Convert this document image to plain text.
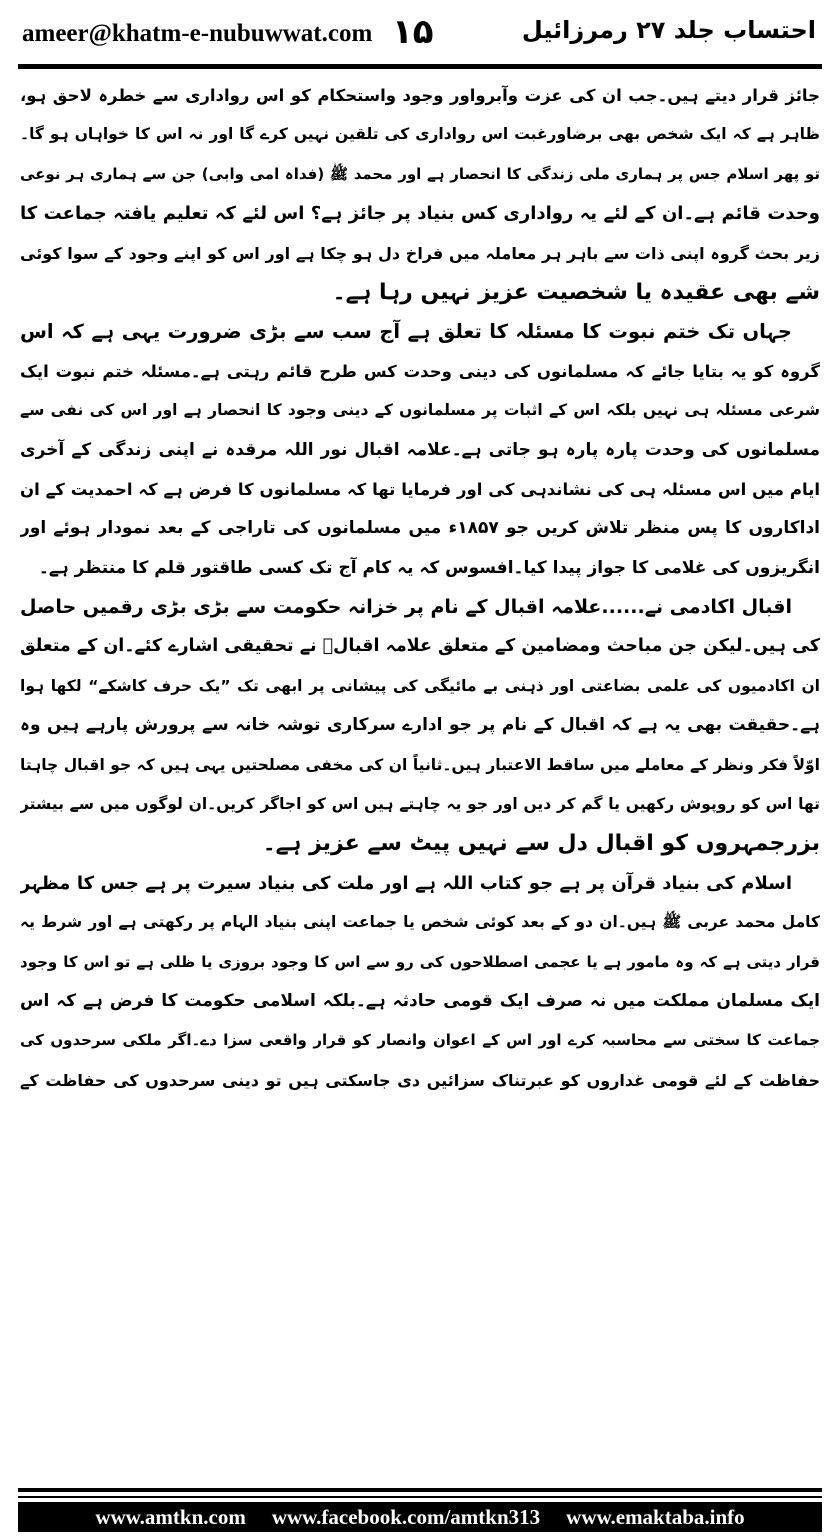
ameer@khatm-e-nubuwwat.com ۱۵	احتساب جلد ۲۷ رمرزائیل
جائز قرار دیتے ہیں۔جب ان کی عزت وآبرواور وجود واستحکام کو اس رواداری سے خطرہ لاحق ہو،
ظاہر ہے کہ ایک شخص بھی برضاورغبت اس رواداری کی تلقین نہیں کرے گا اور نہ اس کا خواہاں ہو گا۔
تو پھر اسلام جس پر ہماری ملی زندگی کا انحصار ہے اور محمد ﷺ (فداہ امی وابی) جن سے ہماری ہر نوعی
وحدت قائم ہے۔ان کے لئے یہ رواداری کس بنیاد پر جائز ہے؟ اس لئے کہ تعلیم یافتہ جماعت کا
زیر بحث گروہ اپنی ذات سے باہر ہر معاملہ میں فراخ دل ہو چکا ہے اور اس کو اپنے وجود کے سوا کوئی
شے بھی عقیدہ یا شخصیت عزیز نہیں رہا ہے۔
جہاں تک ختم نبوت کا مسئلہ کا تعلق ہے آج سب سے بڑی ضرورت یہی ہے کہ اس
گروہ کو یہ بتایا جائے کہ مسلمانوں کی دینی وحدت کس طرح قائم رہتی ہے۔مسئلہ ختم نبوت ایک
شرعی مسئلہ ہی نہیں بلکہ اس کے اثبات پر مسلمانوں کے دینی وجود کا انحصار ہے اور اس کی نفی سے
مسلمانوں کی وحدت پارہ پارہ ہو جاتی ہے۔علامہ اقبال نور اللہ مرقدہ نے اپنی زندگی کے آخری
ایام میں اس مسئلہ ہی کی نشاندہی کی اور فرمایا تھا کہ مسلمانوں کا فرض ہے کہ احمدیت کے ان
اداکاروں کا پس منظر تلاش کریں جو ۱۸۵۷ء میں مسلمانوں کی تاراجی کے بعد نمودار ہوئے اور
انگریزوں کی غلامی کا جواز پیدا کیا۔افسوس کہ یہ کام آج تک کسی طاقتور قلم کا منتظر ہے۔
اقبال اکادمی نے......علامہ اقبال کے نام پر خزانہ حکومت سے بڑی بڑی رقمیں حاصل
کی ہیں۔لیکن جن مباحث ومضامین کے متعلق علامہ اقبالؒ نے تحقیقی اشارے کئے۔ان کے متعلق
ان اکادمیوں کی علمی بضاعتی اور ذہنی بے مائیگی کی پیشانی پر ابھی تک ”یک حرف کاشکے“ لکھا ہوا
ہے۔حقیقت بھی یہ ہے کہ اقبال کے نام پر جو ادارے سرکاری توشہ خانہ سے پرورش پارہے ہیں وہ
اوّلاً فکر ونظر کے معاملے میں ساقط الاعتبار ہیں۔ثانیاً ان کی مخفی مصلحتیں یہی ہیں کہ جو اقبال چاہتا
تھا اس کو روپوش رکھیں یا گم کر دیں اور جو یہ چاہتے ہیں اس کو اجاگر کریں۔ان لوگوں میں سے بیشتر
بزرجمہروں کو اقبال دل سے نہیں پیٹ سے عزیز ہے۔
اسلام کی بنیاد قرآن پر ہے جو کتاب اللہ ہے اور ملت کی بنیاد سیرت پر ہے جس کا مظہر
کامل محمد عربی ﷺ ہیں۔ان دو کے بعد کوئی شخص یا جماعت اپنی بنیاد الہام پر رکھتی ہے اور شرط یہ
قرار دیتی ہے کہ وہ مامور ہے یا عجمی اصطلاحوں کی رو سے اس کا وجود بروزی یا ظلی ہے تو اس کا وجود
ایک مسلمان مملکت میں نہ صرف ایک قومی حادثہ ہے۔بلکہ اسلامی حکومت کا فرض ہے کہ اس
جماعت کا سختی سے محاسبہ کرے اور اس کے اعوان وانصار کو قرار واقعی سزا دے۔اگر ملکی سرحدوں کی
حفاظت کے لئے قومی غداروں کو عبرتناک سزائیں دی جاسکتی ہیں تو دینی سرحدوں کی حفاظت کے
www.amtkn.com www.facebook.com/amtkn313 www.emaktaba.info
